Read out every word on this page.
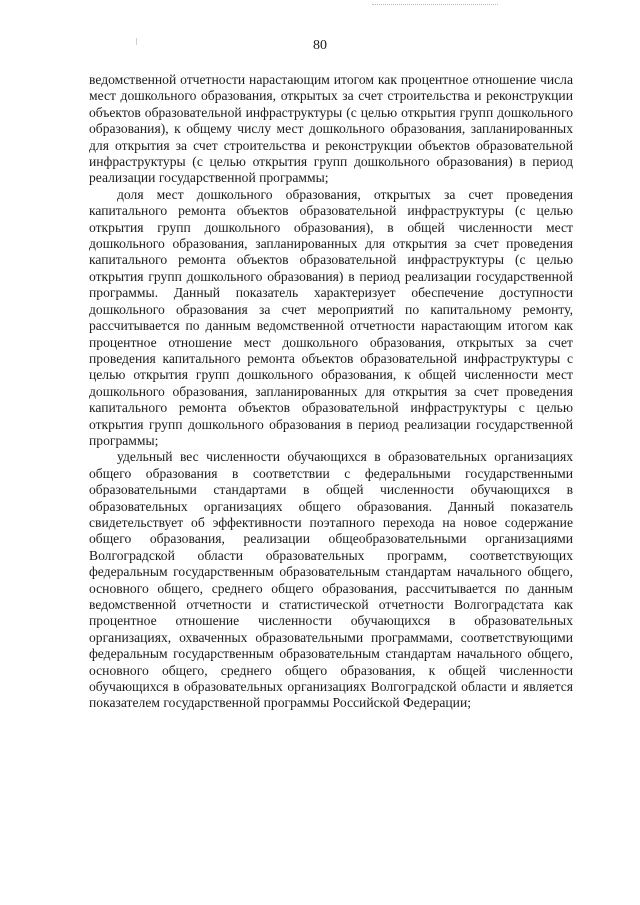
80

ведомственной отчетности нарастающим итогом как процентное отношение числа мест дошкольного образования, открытых за счет строительства и реконструкции объектов образовательной инфраструктуры (с целью открытия групп дошкольного образования), к общему числу мест дошкольного образования, запланированных для открытия за счет строительства и реконструкции объектов образовательной инфраструктуры (с целью открытия групп дошкольного образования) в период реализации государственной программы;

доля мест дошкольного образования, открытых за счет проведения капитального ремонта объектов образовательной инфраструктуры (с целью открытия групп дошкольного образования), в общей численности мест дошкольного образования, запланированных для открытия за счет проведения капитального ремонта объектов образовательной инфраструктуры (с целью открытия групп дошкольного образования) в период реализации государственной программы. Данный показатель характеризует обеспечение доступности дошкольного образования за счет мероприятий по капитальному ремонту, рассчитывается по данным ведомственной отчетности нарастающим итогом как процентное отношение мест дошкольного образования, открытых за счет проведения капитального ремонта объектов образовательной инфраструктуры с целью открытия групп дошкольного образования, к общей численности мест дошкольного образования, запланированных для открытия за счет проведения капитального ремонта объектов образовательной инфраструктуры с целью открытия групп дошкольного образования в период реализации государственной программы;

удельный вес численности обучающихся в образовательных организациях общего образования в соответствии с федеральными государственными образовательными стандартами в общей численности обучающихся в образовательных организациях общего образования. Данный показатель свидетельствует об эффективности поэтапного перехода на новое содержание общего образования, реализации общеобразовательными организациями Волгоградской области образовательных программ, соответствующих федеральным государственным образовательным стандартам начального общего, основного общего, среднего общего образования, рассчитывается по данным ведомственной отчетности и статистической отчетности Волгоградстата как процентное отношение численности обучающихся в образовательных организациях, охваченных образовательными программами, соответствующими федеральным государственным образовательным стандартам начального общего, основного общего, среднего общего образования, к общей численности обучающихся в образовательных организациях Волгоградской области и является показателем государственной программы Российской Федерации;
